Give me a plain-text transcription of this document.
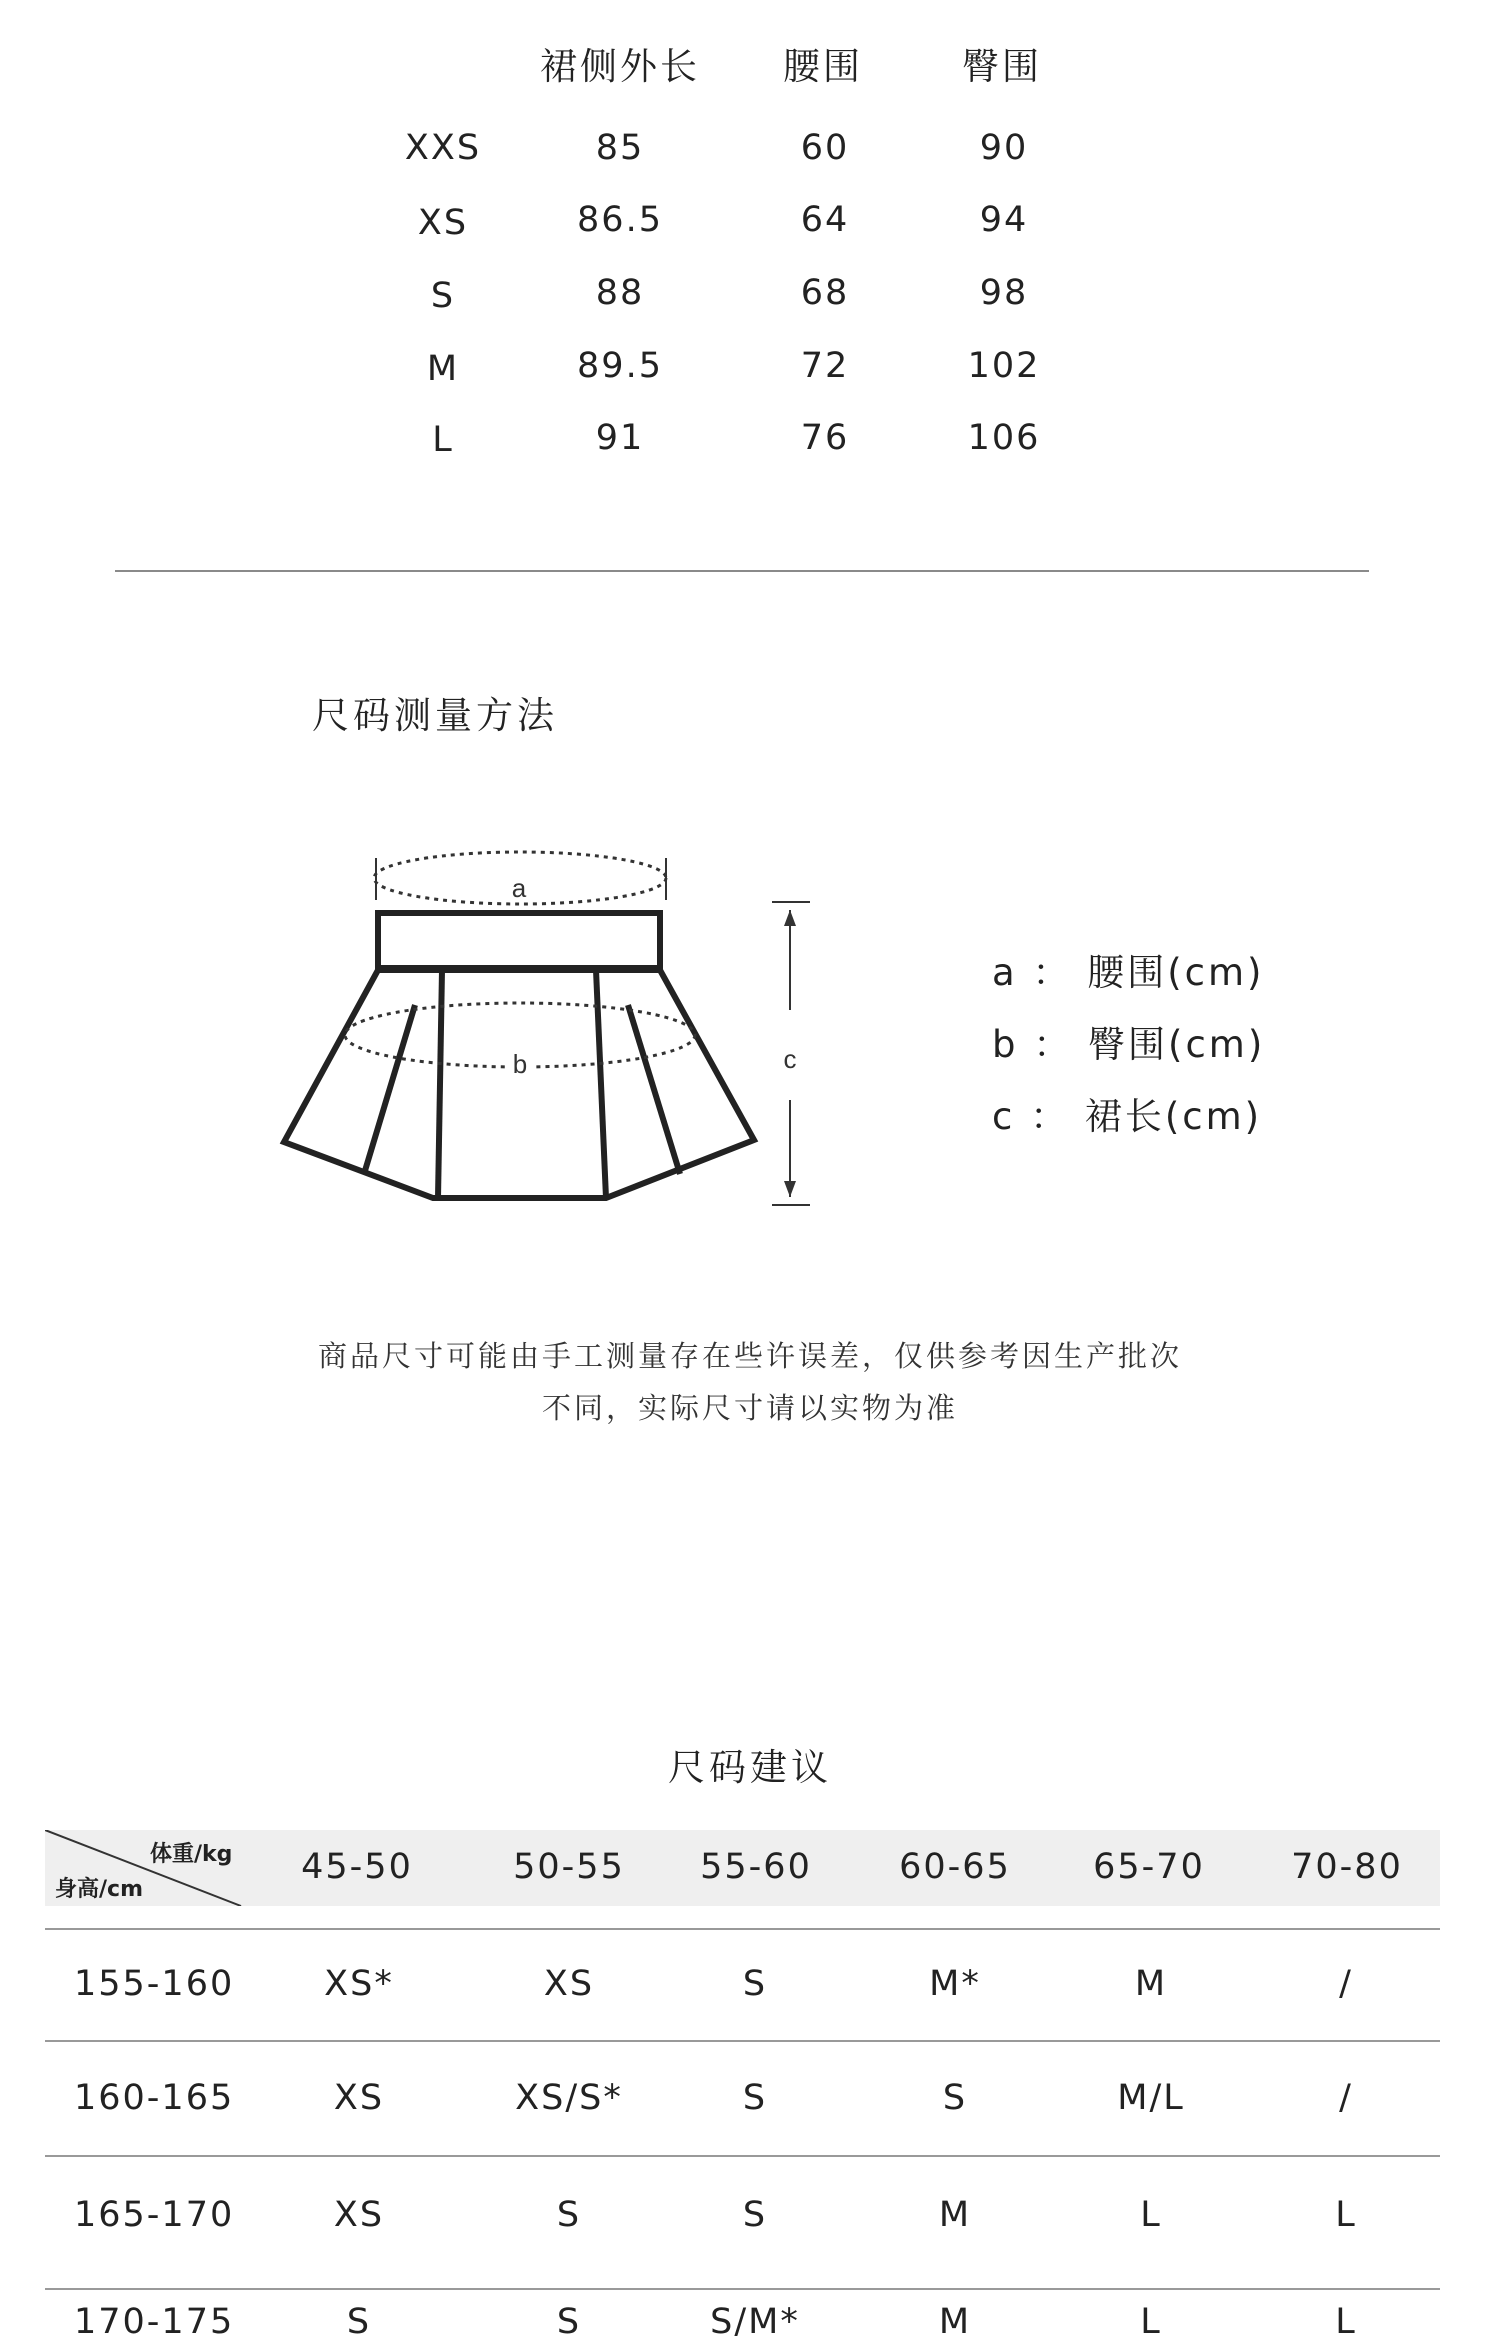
裙侧外长	腰围	臀围
XXS	85	60	90
XS	86.5	64	94
S	88	68	98
M	89.5	72	102
L	91	76	106
尺码测量方法
a
b	c
a ： 腰围(cm)
b ： 臀围(cm)
c ： 裙长(cm)
商品尺寸可能由手工测量存在些许误差，仅供参考因生产批次
不同，实际尺寸请以实物为准
尺码建议
体重/kg
身高/cm
45-50	50-55	55-60	60-65	65-70	70-80
155-160	XS*	XS	S	M*	M	/
160-165	XS	XS/S*	S	S	M/L	/
165-170	XS	S	S	M	L	L
170-175	S	S	S/M*	M	L	L
